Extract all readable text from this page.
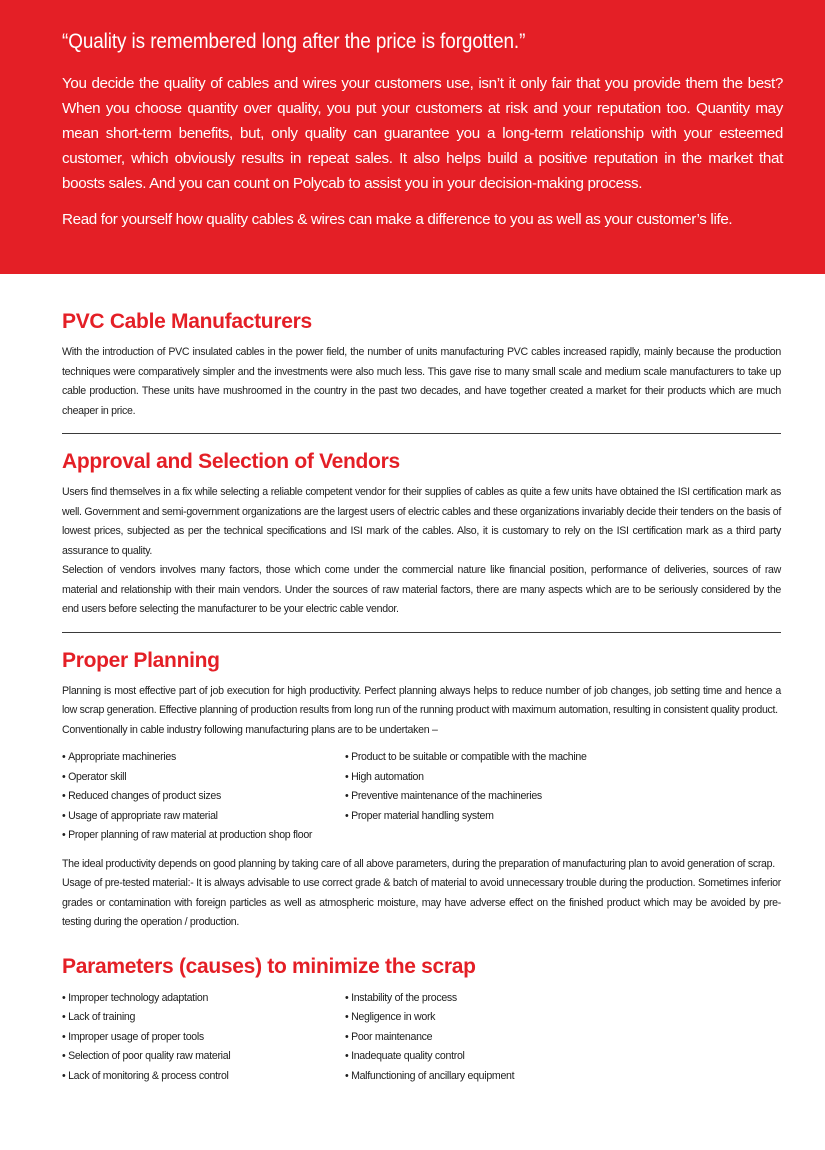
“Quality is remembered long after the price is forgotten.”

You decide the quality of cables and wires your customers use, isn’t it only fair that you provide them the best? When you choose quantity over quality, you put your customers at risk and your reputation too. Quantity may mean short-term benefits, but, only quality can guarantee you a long-term relationship with your esteemed customer, which obviously results in repeat sales. It also helps build a positive reputation in the market that boosts sales. And you can count on Polycab to assist you in your decision-making process.

Read for yourself how quality cables & wires can make a difference to you as well as your customer’s life.

PVC Cable Manufacturers

With the introduction of PVC insulated cables in the power field, the number of units manufacturing PVC cables increased rapidly, mainly because the production techniques were comparatively simpler and the investments were also much less. This gave rise to many small scale and medium scale manufacturers to take up cable production. These units have mushroomed in the country in the past two decades, and have together created a market for their products which are much cheaper in price.

Approval and Selection of Vendors

Users find themselves in a fix while selecting a reliable competent vendor for their supplies of cables as quite a few units have obtained the ISI certification mark as well. Government and semi-government organizations are the largest users of electric cables and these organizations invariably decide their tenders on the basis of lowest prices, subjected as per the technical specifications and ISI mark of the cables. Also, it is customary to rely on the ISI certification mark as a third party assurance to quality.

Selection of vendors involves many factors, those which come under the commercial nature like financial position, performance of deliveries, sources of raw material and relationship with their main vendors. Under the sources of raw material factors, there are many aspects which are to be seriously considered by the end users before selecting the manufacturer to be your electric cable vendor.

Proper Planning

Planning is most effective part of job execution for high productivity. Perfect planning always helps to reduce number of job changes, job setting time and hence a low scrap generation. Effective planning of production results from long run of the running product with maximum automation, resulting in consistent quality product.

Conventionally in cable industry following manufacturing plans are to be undertaken –

• Appropriate machineries
• Operator skill
• Reduced changes of product sizes
• Usage of appropriate raw material
• Proper planning of raw material at production shop floor
• Product to be suitable or compatible with the machine
• High automation
• Preventive maintenance of the machineries
• Proper material handling system

The ideal productivity depends on good planning by taking care of all above parameters, during the preparation of manufacturing plan to avoid generation of scrap.

Usage of pre-tested material:- It is always advisable to use correct grade & batch of material to avoid unnecessary trouble during the production. Sometimes inferior grades or contamination with foreign particles as well as atmospheric moisture, may have adverse effect on the finished product which may be avoided by pre-testing during the operation / production.

Parameters (causes) to minimize the scrap
• Improper technology adaptation
• Lack of training
• Improper usage of proper tools
• Selection of poor quality raw material
• Lack of monitoring & process control
• Instability of the process
• Negligence in work
• Poor maintenance
• Inadequate quality control
• Malfunctioning of ancillary equipment
